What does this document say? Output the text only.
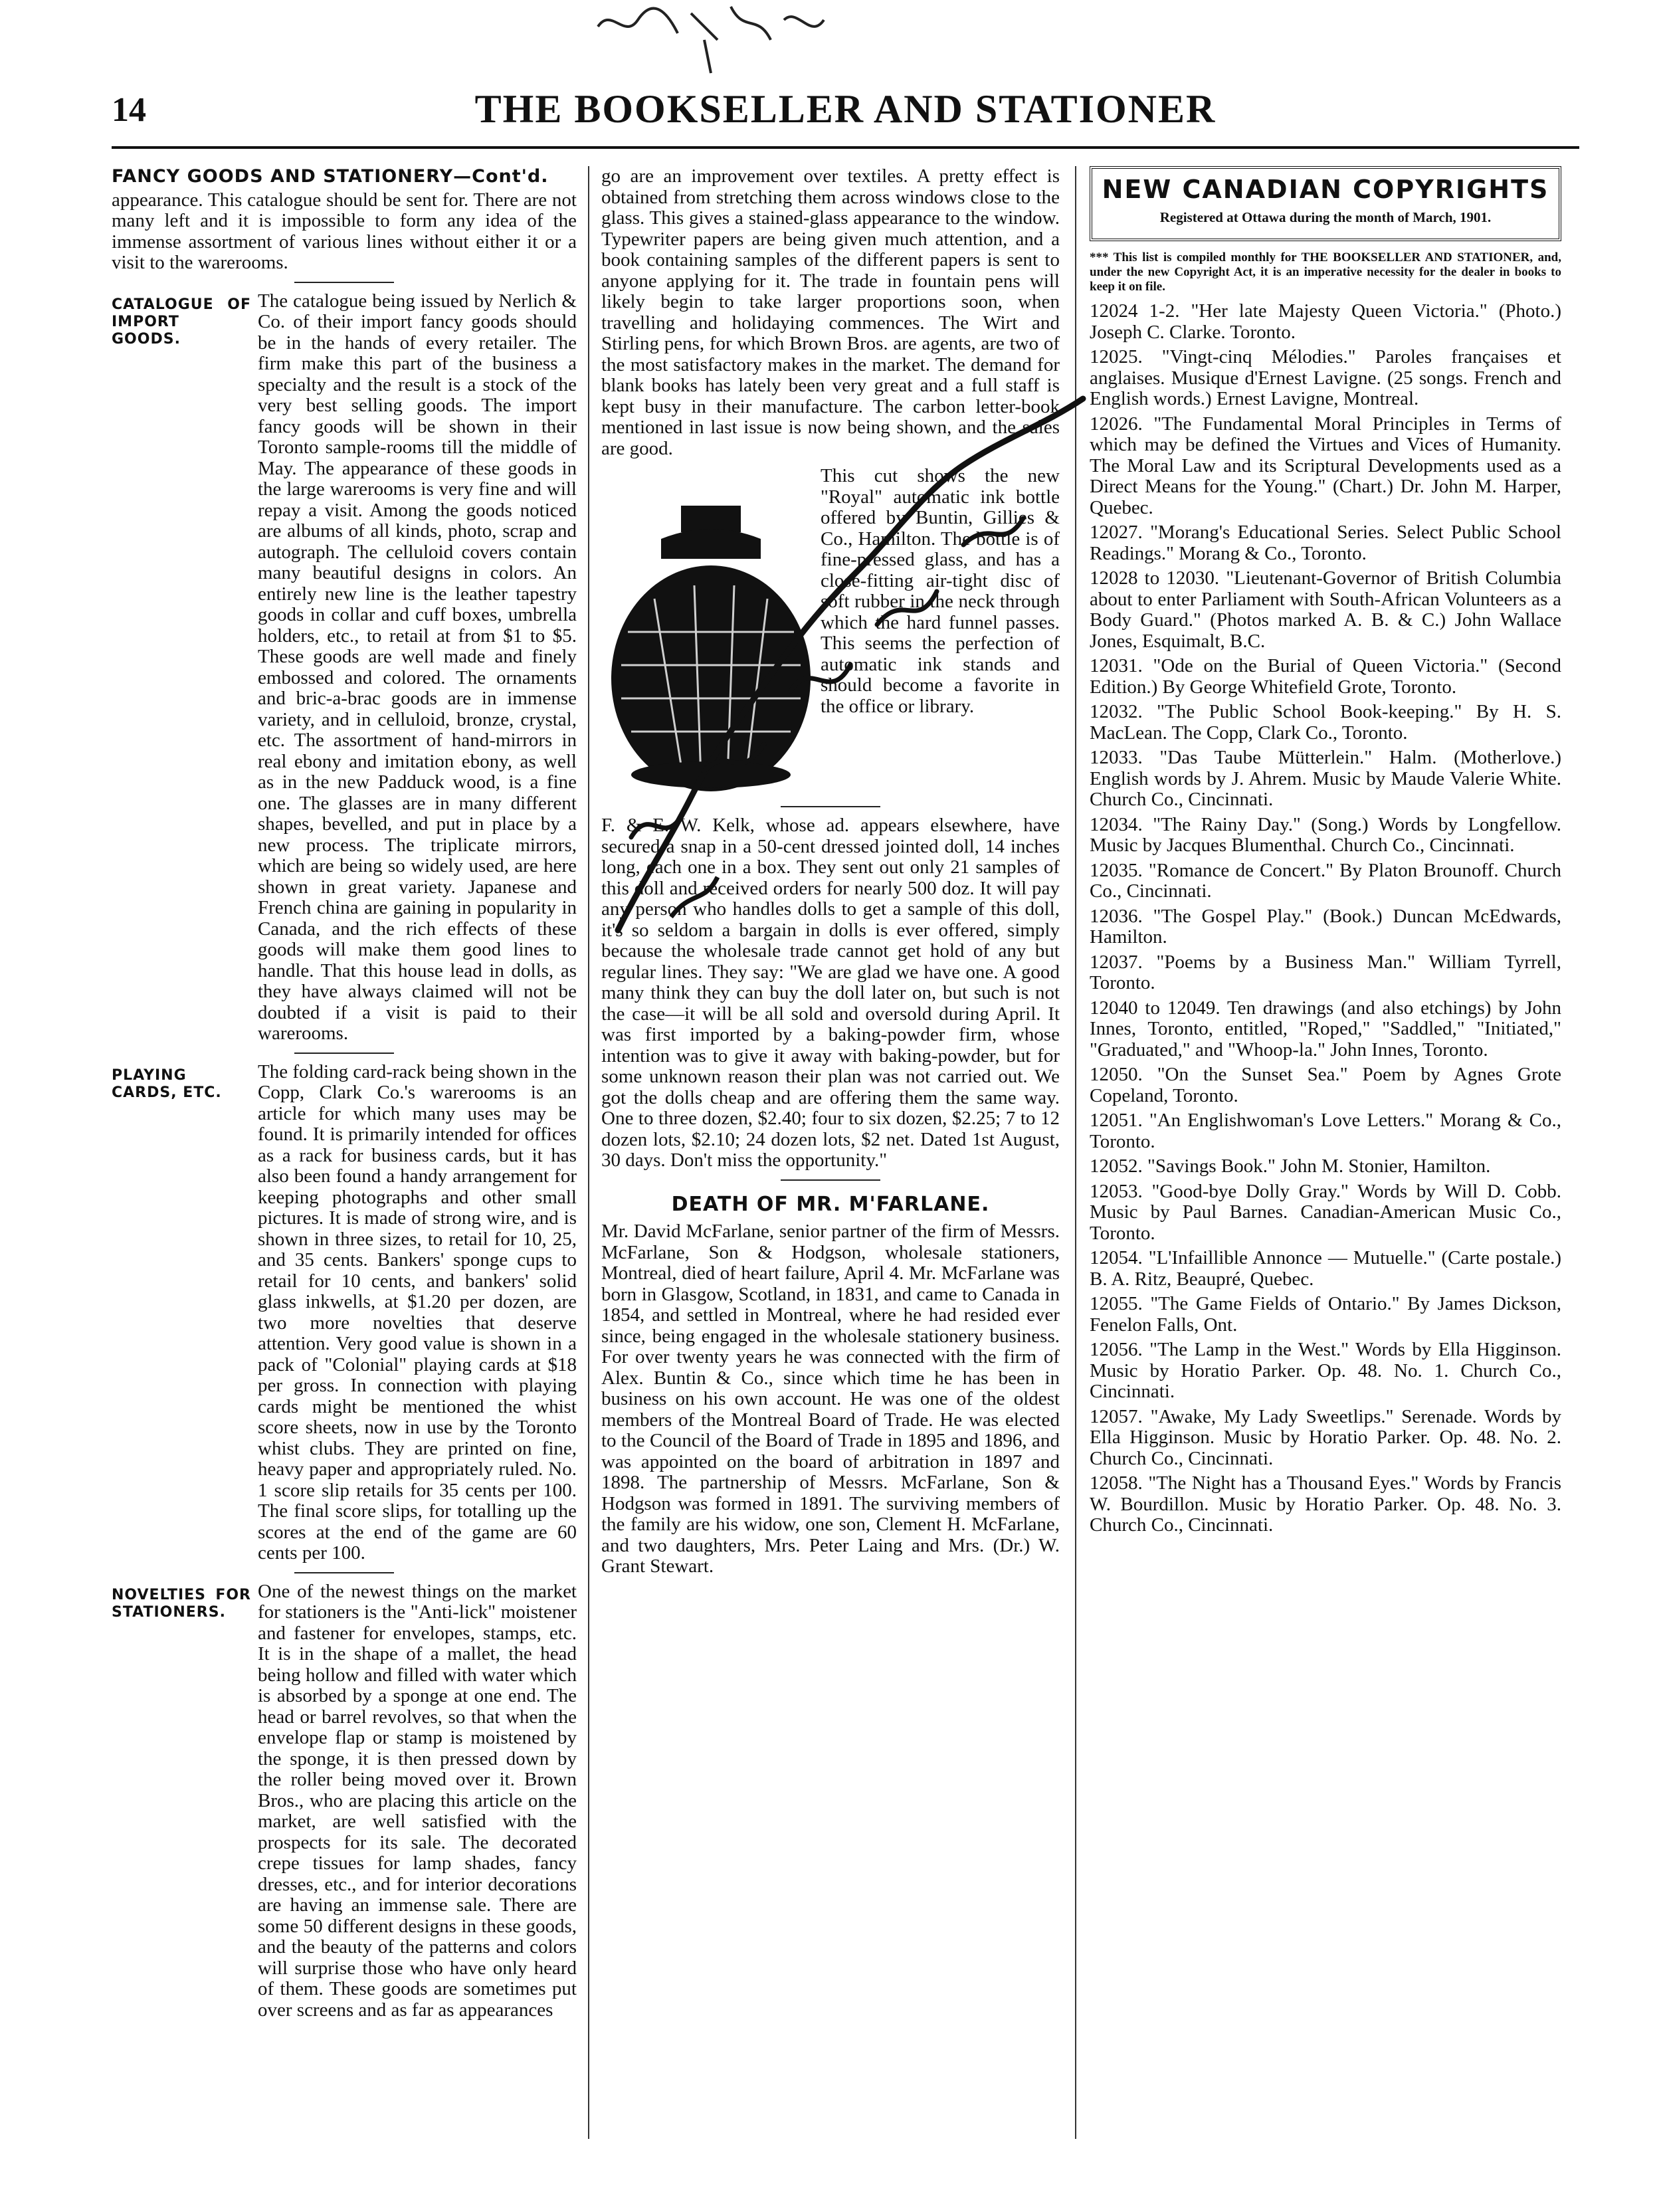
14	THE BOOKSELLER AND STATIONER
FANCY GOODS AND STATIONERY—Cont'd.

appearance. This catalogue should be sent for. There are not many left and it is impossible to form any idea of the immense assortment of various lines without either it or a visit to the warerooms.

CATALOGUE OF IMPORT GOODS.
The catalogue being issued by Nerlich & Co. of their import fancy goods should be in the hands of every retailer. The firm make this part of the business a specialty and the result is a stock of the very best selling goods. The import fancy goods will be shown in their Toronto sample-rooms till the middle of May. The appearance of these goods in the large warerooms is very fine and will repay a visit. Among the goods noticed are albums of all kinds, photo, scrap and autograph. The celluloid covers contain many beautiful designs in colors. An entirely new line is the leather tapestry goods in collar and cuff boxes, umbrella holders, etc., to retail at from $1 to $5. These goods are well made and finely embossed and colored. The ornaments and bric-a-brac goods are in immense variety, and in celluloid, bronze, crystal, etc. The assortment of hand-mirrors in real ebony and imitation ebony, as well as in the new Padduck wood, is a fine one. The glasses are in many different shapes, bevelled, and put in place by a new process. The triplicate mirrors, which are being so widely used, are here shown in great variety. Japanese and French china are gaining in popularity in Canada, and the rich effects of these goods will make them good lines to handle. That this house lead in dolls, as they have always claimed will not be doubted if a visit is paid to their warerooms.
PLAYING CARDS, ETC.
The folding card-rack being shown in the Copp, Clark Co.'s warerooms is an article for which many uses may be found. It is primarily intended for offices as a rack for business cards, but it has also been found a handy arrangement for keeping photographs and other small pictures. It is made of strong wire, and is shown in three sizes, to retail for 10, 25, and 35 cents. Bankers' sponge cups to retail for 10 cents, and bankers' solid glass inkwells, at $1.20 per dozen, are two more novelties that deserve attention. Very good value is shown in a pack of "Colonial" playing cards at $18 per gross. In connection with playing cards might be mentioned the whist score sheets, now in use by the Toronto whist clubs. They are printed on fine, heavy paper and appropriately ruled. No. 1 score slip retails for 35 cents per 100. The final score slips, for totalling up the scores at the end of the game are 60 cents per 100.
NOVELTIES FOR STATIONERS.
One of the newest things on the market for stationers is the "Anti-lick" moistener and fastener for envelopes, stamps, etc. It is in the shape of a mallet, the head being hollow and filled with water which is absorbed by a sponge at one end. The head or barrel revolves, so that when the envelope flap or stamp is moistened by the sponge, it is then pressed down by the roller being moved over it. Brown Bros., who are placing this article on the market, are well satisfied with the prospects for its sale. The decorated crepe tissues for lamp shades, fancy dresses, etc., and for interior decorations are having an immense sale. There are some 50 different designs in these goods, and the beauty of the patterns and colors will surprise those who have only heard of them. These goods are sometimes put over screens and as far as appearances

go are an improvement over textiles. A pretty effect is obtained from stretching them across windows close to the glass. This gives a stained-glass appearance to the window. Typewriter papers are being given much attention, and a book containing samples of the different papers is sent to anyone applying for it. The trade in fountain pens will likely begin to take larger proportions soon, when travelling and holidaying commences. The Wirt and Stirling pens, for which Brown Bros. are agents, are two of the most satisfactory makes in the market. The demand for blank books has lately been very great and a full staff is kept busy in their manufacture. The carbon letter-book mentioned in last issue is now being shown, and the sales are good.

This cut shows the new "Royal" automatic ink bottle offered by Buntin, Gillies & Co., Hamilton. The bottle is of fine-pressed glass, and has a close-fitting air-tight disc of soft rubber in the neck through which the hard funnel passes. This seems the perfection of automatic ink stands and should become a favorite in the office or library.

F. & E. W. Kelk, whose ad. appears elsewhere, have secured a snap in a 50-cent dressed jointed doll, 14 inches long, each one in a box. They sent out only 21 samples of this doll and received orders for nearly 500 doz. It will pay any person who handles dolls to get a sample of this doll, it's so seldom a bargain in dolls is ever offered, simply because the wholesale trade cannot get hold of any but regular lines. They say: "We are glad we have one. A good many think they can buy the doll later on, but such is not the case—it will be all sold and oversold during April. It was first imported by a baking-powder firm, whose intention was to give it away with baking-powder, but for some unknown reason their plan was not carried out. We got the dolls cheap and are offering them the same way. One to three dozen, $2.40; four to six dozen, $2.25; 7 to 12 dozen lots, $2.10; 24 dozen lots, $2 net. Dated 1st August, 30 days. Don't miss the opportunity."

DEATH OF MR. M'FARLANE.

Mr. David McFarlane, senior partner of the firm of Messrs. McFarlane, Son & Hodgson, wholesale stationers, Montreal, died of heart failure, April 4. Mr. McFarlane was born in Glasgow, Scotland, in 1831, and came to Canada in 1854, and settled in Montreal, where he had resided ever since, being engaged in the wholesale stationery business. For over twenty years he was connected with the firm of Alex. Buntin & Co., since which time he has been in business on his own account. He was one of the oldest members of the Montreal Board of Trade. He was elected to the Council of the Board of Trade in 1895 and 1896, and was appointed on the board of arbitration in 1897 and 1898. The partnership of Messrs. McFarlane, Son & Hodgson was formed in 1891. The surviving members of the family are his widow, one son, Clement H. McFarlane, and two daughters, Mrs. Peter Laing and Mrs. (Dr.) W. Grant Stewart.

NEW CANADIAN COPYRIGHTS
Registered at Ottawa during the month of March, 1901.
*** This list is compiled monthly for THE BOOKSELLER AND STATIONER, and, under the new Copyright Act, it is an imperative necessity for the dealer in books to keep it on file.

12024 1-2. "Her late Majesty Queen Victoria." (Photo.) Joseph C. Clarke. Toronto.

12025. "Vingt-cinq Mélodies." Paroles françaises et anglaises. Musique d'Ernest Lavigne. (25 songs. French and English words.) Ernest Lavigne, Montreal.

12026. "The Fundamental Moral Principles in Terms of which may be defined the Virtues and Vices of Humanity. The Moral Law and its Scriptural Developments used as a Direct Means for the Young." (Chart.) Dr. John M. Harper, Quebec.

12027. "Morang's Educational Series. Select Public School Readings." Morang & Co., Toronto.

12028 to 12030. "Lieutenant-Governor of British Columbia about to enter Parliament with South-African Volunteers as a Body Guard." (Photos marked A. B. & C.) John Wallace Jones, Esquimalt, B.C.

12031. "Ode on the Burial of Queen Victoria." (Second Edition.) By George Whitefield Grote, Toronto.

12032. "The Public School Book-keeping." By H. S. MacLean. The Copp, Clark Co., Toronto.

12033. "Das Taube Mütterlein." Halm. (Motherlove.) English words by J. Ahrem. Music by Maude Valerie White. Church Co., Cincinnati.

12034. "The Rainy Day." (Song.) Words by Longfellow. Music by Jacques Blumenthal. Church Co., Cincinnati.

12035. "Romance de Concert." By Platon Brounoff. Church Co., Cincinnati.

12036. "The Gospel Play." (Book.) Duncan McEdwards, Hamilton.

12037. "Poems by a Business Man." William Tyrrell, Toronto.

12040 to 12049. Ten drawings (and also etchings) by John Innes, Toronto, entitled, "Roped," "Saddled," "Initiated," "Graduated," and "Whoop-la." John Innes, Toronto.

12050. "On the Sunset Sea." Poem by Agnes Grote Copeland, Toronto.

12051. "An Englishwoman's Love Letters." Morang & Co., Toronto.

12052. "Savings Book." John M. Stonier, Hamilton.

12053. "Good-bye Dolly Gray." Words by Will D. Cobb. Music by Paul Barnes. Canadian-American Music Co., Toronto.

12054. "L'Infaillible Annonce — Mutuelle." (Carte postale.) B. A. Ritz, Beaupré, Quebec.

12055. "The Game Fields of Ontario." By James Dickson, Fenelon Falls, Ont.

12056. "The Lamp in the West." Words by Ella Higginson. Music by Horatio Parker. Op. 48. No. 1. Church Co., Cincinnati.

12057. "Awake, My Lady Sweetlips." Serenade. Words by Ella Higginson. Music by Horatio Parker. Op. 48. No. 2. Church Co., Cincinnati.

12058. "The Night has a Thousand Eyes." Words by Francis W. Bourdillon. Music by Horatio Parker. Op. 48. No. 3. Church Co., Cincinnati.
